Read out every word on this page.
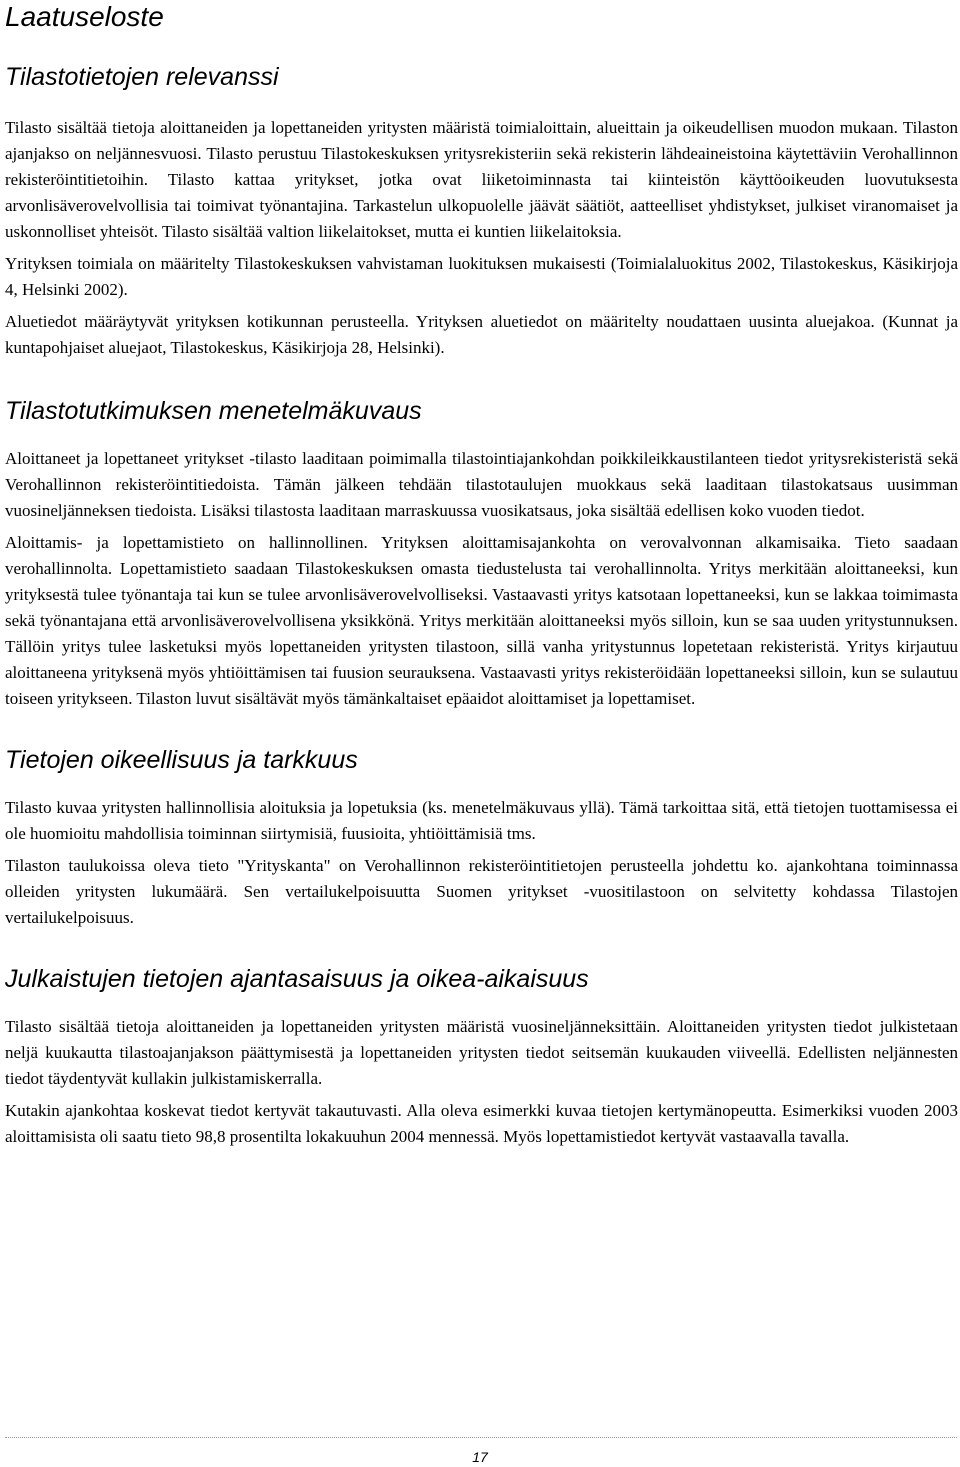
Laatuseloste
Tilastotietojen relevanssi

Tilasto sisältää tietoja aloittaneiden ja lopettaneiden yritysten määristä toimialoittain, alueittain ja oikeudellisen muodon mukaan. Tilaston ajanjakso on neljännesvuosi. Tilasto perustuu Tilastokeskuksen yritysrekisteriin sekä rekisterin lähdeaineistoina käytettäviin Verohallinnon rekisteröintitietoihin. Tilasto kattaa yritykset, jotka ovat liiketoiminnasta tai kiinteistön käyttöoikeuden luovutuksesta arvonlisäverovelvollisia tai toimivat työnantajina. Tarkastelun ulkopuolelle jäävät säätiöt, aatteelliset yhdistykset, julkiset viranomaiset ja uskonnolliset yhteisöt. Tilasto sisältää valtion liikelaitokset, mutta ei kuntien liikelaitoksia.

Yrityksen toimiala on määritelty Tilastokeskuksen vahvistaman luokituksen mukaisesti (Toimialaluokitus 2002, Tilastokeskus, Käsikirjoja 4, Helsinki 2002).

Aluetiedot määräytyvät yrityksen kotikunnan perusteella. Yrityksen aluetiedot on määritelty noudattaen uusinta aluejakoa. (Kunnat ja kuntapohjaiset aluejaot, Tilastokeskus, Käsikirjoja 28, Helsinki).

Tilastotutkimuksen menetelmäkuvaus

Aloittaneet ja lopettaneet yritykset -tilasto laaditaan poimimalla tilastointiajankohdan poikkileikkaustilanteen tiedot yritysrekisteristä sekä Verohallinnon rekisteröintitiedoista. Tämän jälkeen tehdään tilastotaulujen muokkaus sekä laaditaan tilastokatsaus uusimman vuosineljänneksen tiedoista. Lisäksi tilastosta laaditaan marraskuussa vuosikatsaus, joka sisältää edellisen koko vuoden tiedot.

Aloittamis- ja lopettamistieto on hallinnollinen. Yrityksen aloittamisajankohta on verovalvonnan alkamisaika. Tieto saadaan verohallinnolta. Lopettamistieto saadaan Tilastokeskuksen omasta tiedustelusta tai verohallinnolta. Yritys merkitään aloittaneeksi, kun yrityksestä tulee työnantaja tai kun se tulee arvonlisäverovelvolliseksi. Vastaavasti yritys katsotaan lopettaneeksi, kun se lakkaa toimimasta sekä työnantajana että arvonlisäverovelvollisena yksikkönä. Yritys merkitään aloittaneeksi myös silloin, kun se saa uuden yritystunnuksen. Tällöin yritys tulee lasketuksi myös lopettaneiden yritysten tilastoon, sillä vanha yritystunnus lopetetaan rekisteristä. Yritys kirjautuu aloittaneena yrityksenä myös yhtiöittämisen tai fuusion seurauksena. Vastaavasti yritys rekisteröidään lopettaneeksi silloin, kun se sulautuu toiseen yritykseen. Tilaston luvut sisältävät myös tämänkaltaiset epäaidot aloittamiset ja lopettamiset.

Tietojen oikeellisuus ja tarkkuus

Tilasto kuvaa yritysten hallinnollisia aloituksia ja lopetuksia (ks. menetelmäkuvaus yllä). Tämä tarkoittaa sitä, että tietojen tuottamisessa ei ole huomioitu mahdollisia toiminnan siirtymisiä, fuusioita, yhtiöittämisiä tms.

Tilaston taulukoissa oleva tieto "Yrityskanta" on Verohallinnon rekisteröintitietojen perusteella johdettu ko. ajankohtana toiminnassa olleiden yritysten lukumäärä. Sen vertailukelpoisuutta Suomen yritykset -vuositilastoon on selvitetty kohdassa Tilastojen vertailukelpoisuus.

Julkaistujen tietojen ajantasaisuus ja oikea-aikaisuus

Tilasto sisältää tietoja aloittaneiden ja lopettaneiden yritysten määristä vuosineljänneksittäin. Aloittaneiden yritysten tiedot julkistetaan neljä kuukautta tilastoajanjakson päättymisestä ja lopettaneiden yritysten tiedot seitsemän kuukauden viiveellä. Edellisten neljännesten tiedot täydentyvät kullakin julkistamiskerralla.

Kutakin ajankohtaa koskevat tiedot kertyvät takautuvasti. Alla oleva esimerkki kuvaa tietojen kertymänopeutta. Esimerkiksi vuoden 2003 aloittamisista oli saatu tieto 98,8 prosentilta lokakuuhun 2004 mennessä. Myös lopettamistiedot kertyvät vastaavalla tavalla.

17
